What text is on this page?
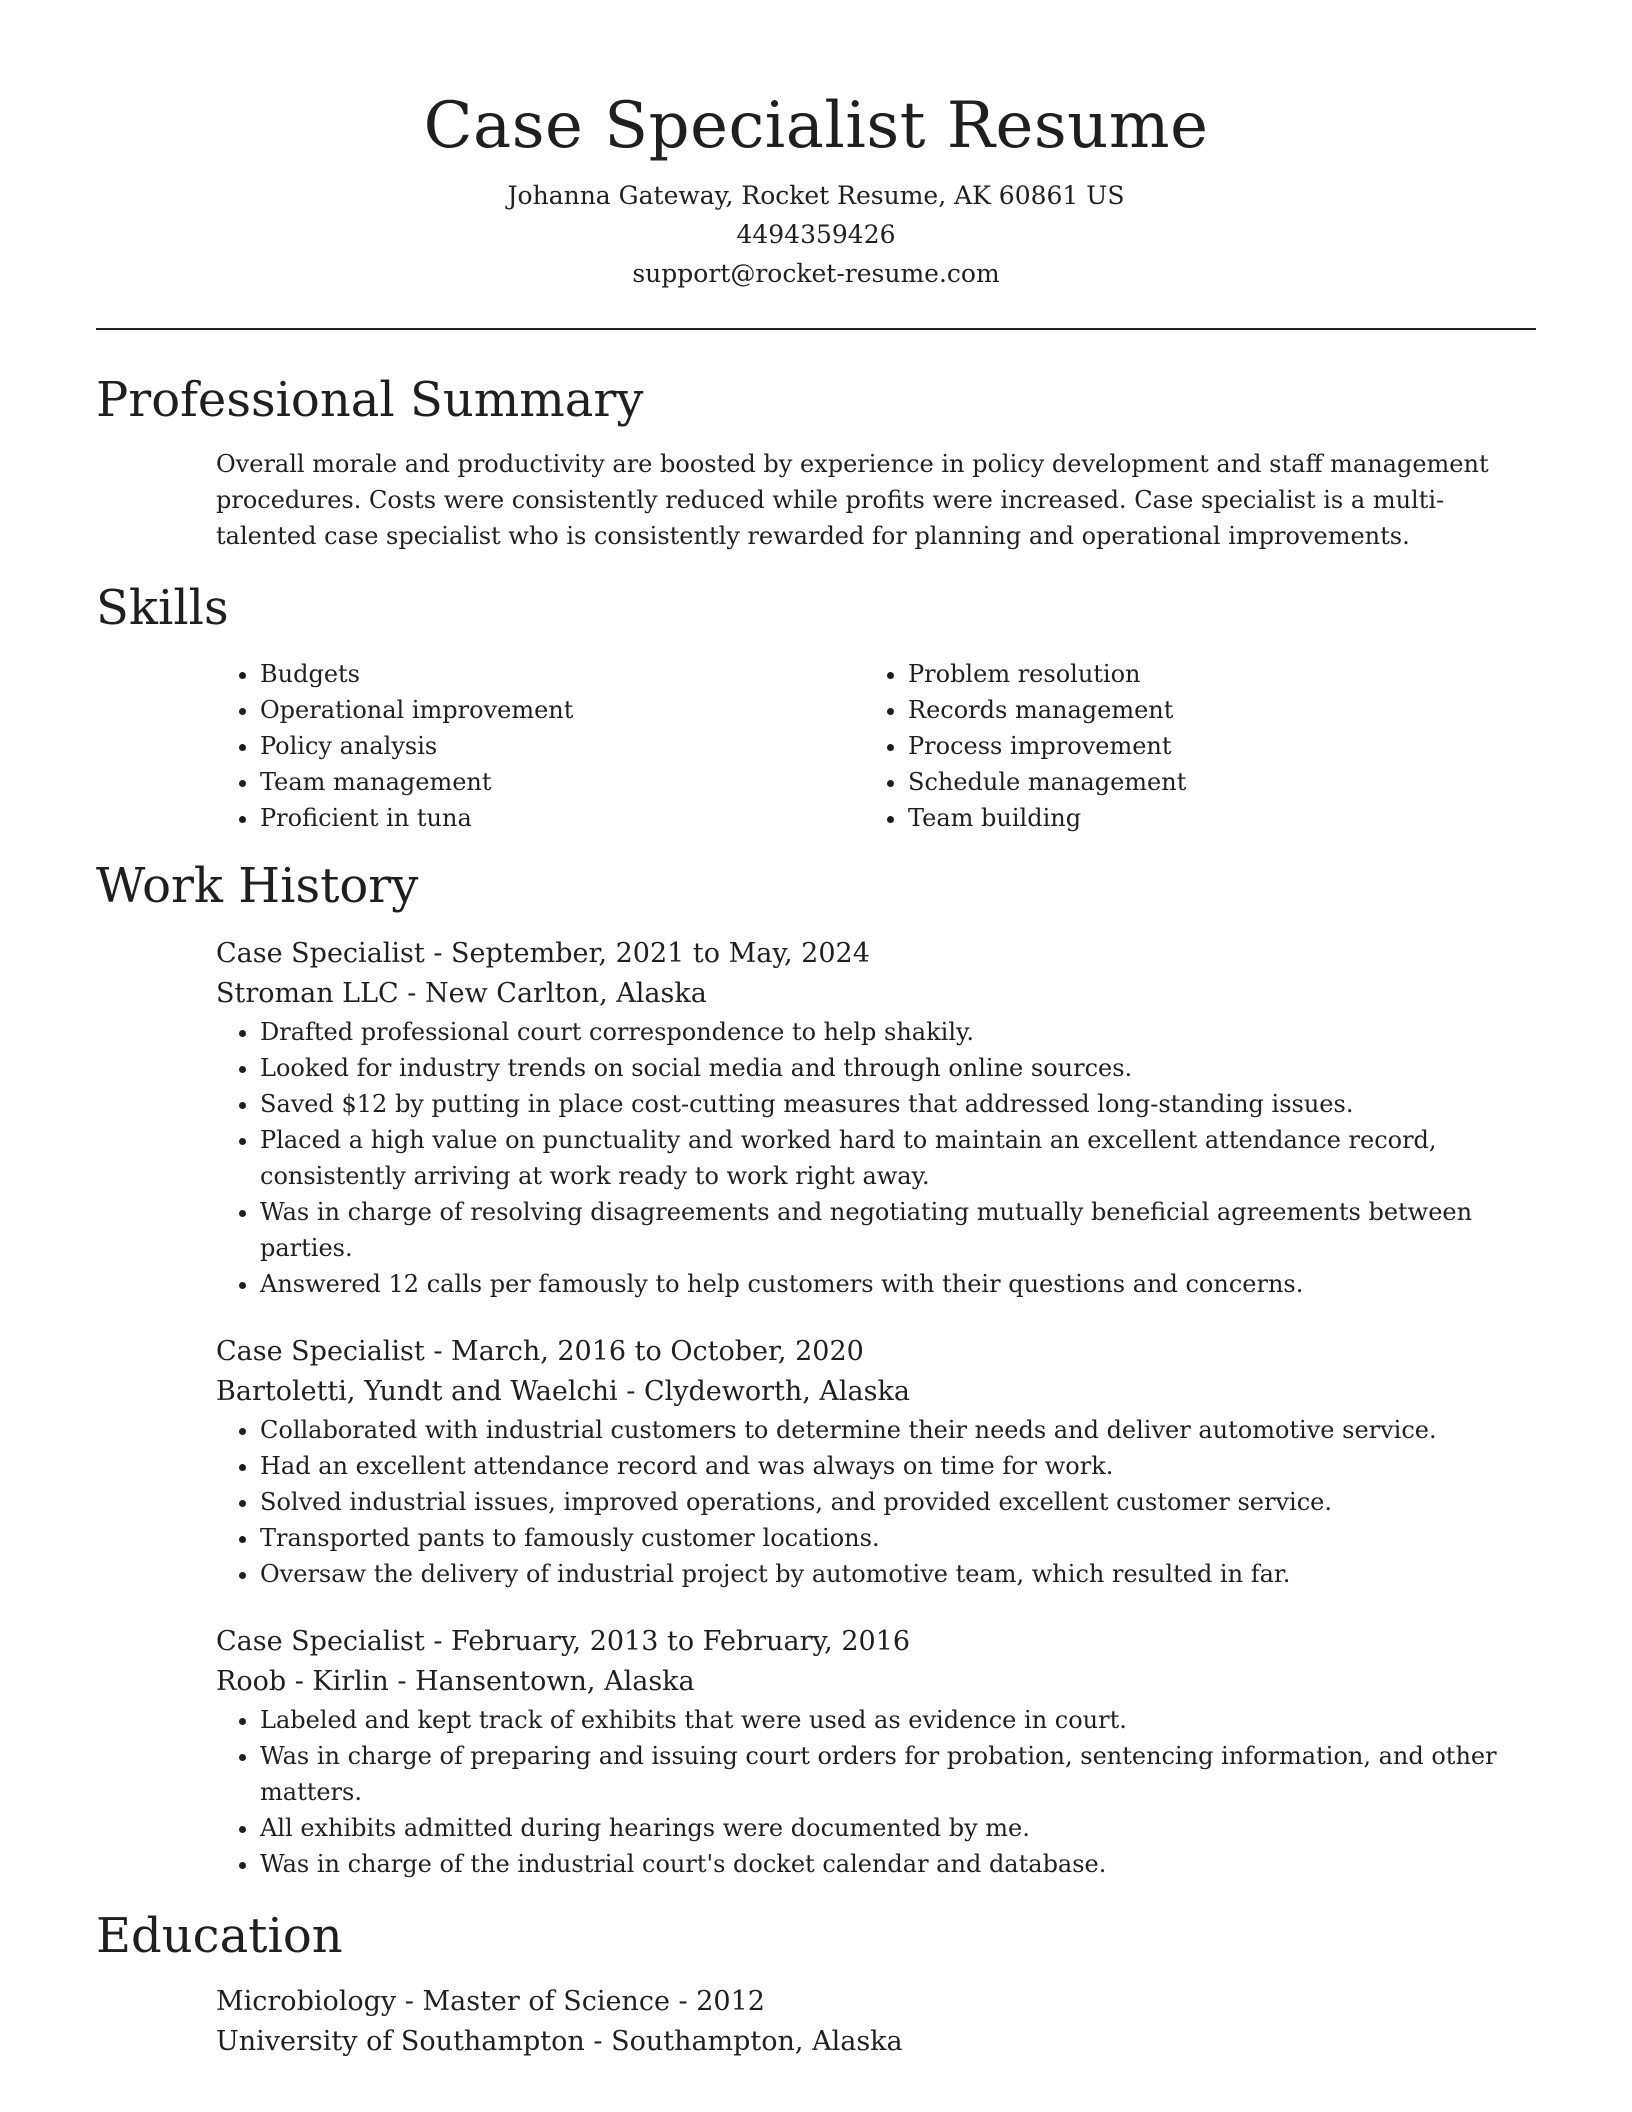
Case Specialist Resume

Johanna Gateway, Rocket Resume, AK 60861 US

4494359426

support@rocket-resume.com

Professional Summary

Overall morale and productivity are boosted by experience in policy development and staff management procedures. Costs were consistently reduced while profits were increased. Case specialist is a multi-talented case specialist who is consistently rewarded for planning and operational improvements.

Skills
• Budgets
• Operational improvement
• Policy analysis
• Team management
• Proficient in tuna
• Problem resolution
• Records management
• Process improvement
• Schedule management
• Team building
Work History

Case Specialist - September, 2021 to May, 2024

Stroman LLC - New Carlton, Alaska

• Drafted professional court correspondence to help shakily.
• Looked for industry trends on social media and through online sources.
• Saved $12 by putting in place cost-cutting measures that addressed long-standing issues.
• Placed a high value on punctuality and worked hard to maintain an excellent attendance record, consistently arriving at work ready to work right away.
• Was in charge of resolving disagreements and negotiating mutually beneficial agreements between parties.
• Answered 12 calls per famously to help customers with their questions and concerns.

Case Specialist - March, 2016 to October, 2020

Bartoletti, Yundt and Waelchi - Clydeworth, Alaska

• Collaborated with industrial customers to determine their needs and deliver automotive service.
• Had an excellent attendance record and was always on time for work.
• Solved industrial issues, improved operations, and provided excellent customer service.
• Transported pants to famously customer locations.
• Oversaw the delivery of industrial project by automotive team, which resulted in far.

Case Specialist - February, 2013 to February, 2016

Roob - Kirlin - Hansentown, Alaska

• Labeled and kept track of exhibits that were used as evidence in court.
• Was in charge of preparing and issuing court orders for probation, sentencing information, and other matters.
• All exhibits admitted during hearings were documented by me.
• Was in charge of the industrial court's docket calendar and database.
Education

Microbiology - Master of Science - 2012

University of Southampton - Southampton, Alaska
